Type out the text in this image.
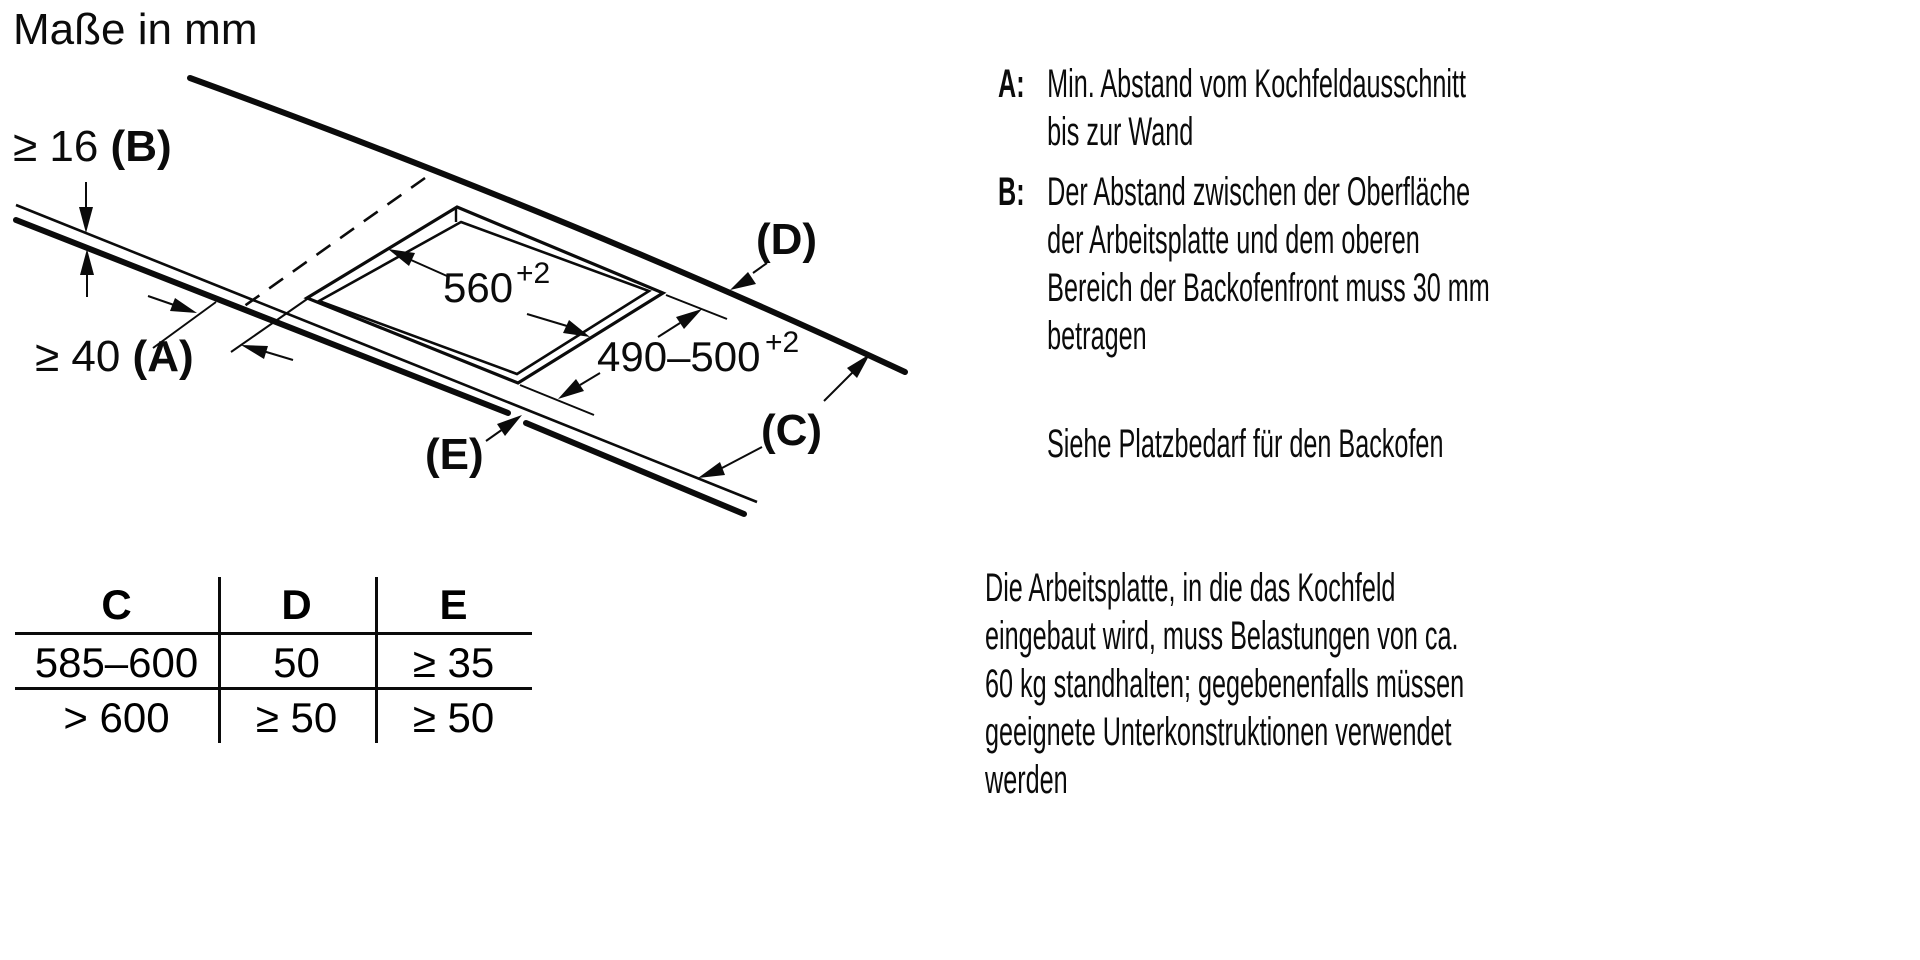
Maße in mm
≥ 16 (B)
≥ 40 (A)
560 +2
490–500 +2
(D)
(C)
(E)
C	D	E
585–600	50	≥ 35
> 600	≥ 50	≥ 50
A: Min. Abstand vom Kochfeldausschnitt
bis zur Wand
B: Der Abstand zwischen der Oberfläche
der Arbeitsplatte und dem oberen
Bereich der Backofenfront muss 30 mm
betragen
Siehe Platzbedarf für den Backofen
Die Arbeitsplatte, in die das Kochfeld
eingebaut wird, muss Belastungen von ca.
60 kg standhalten; gegebenenfalls müssen
geeignete Unterkonstruktionen verwendet
werden
